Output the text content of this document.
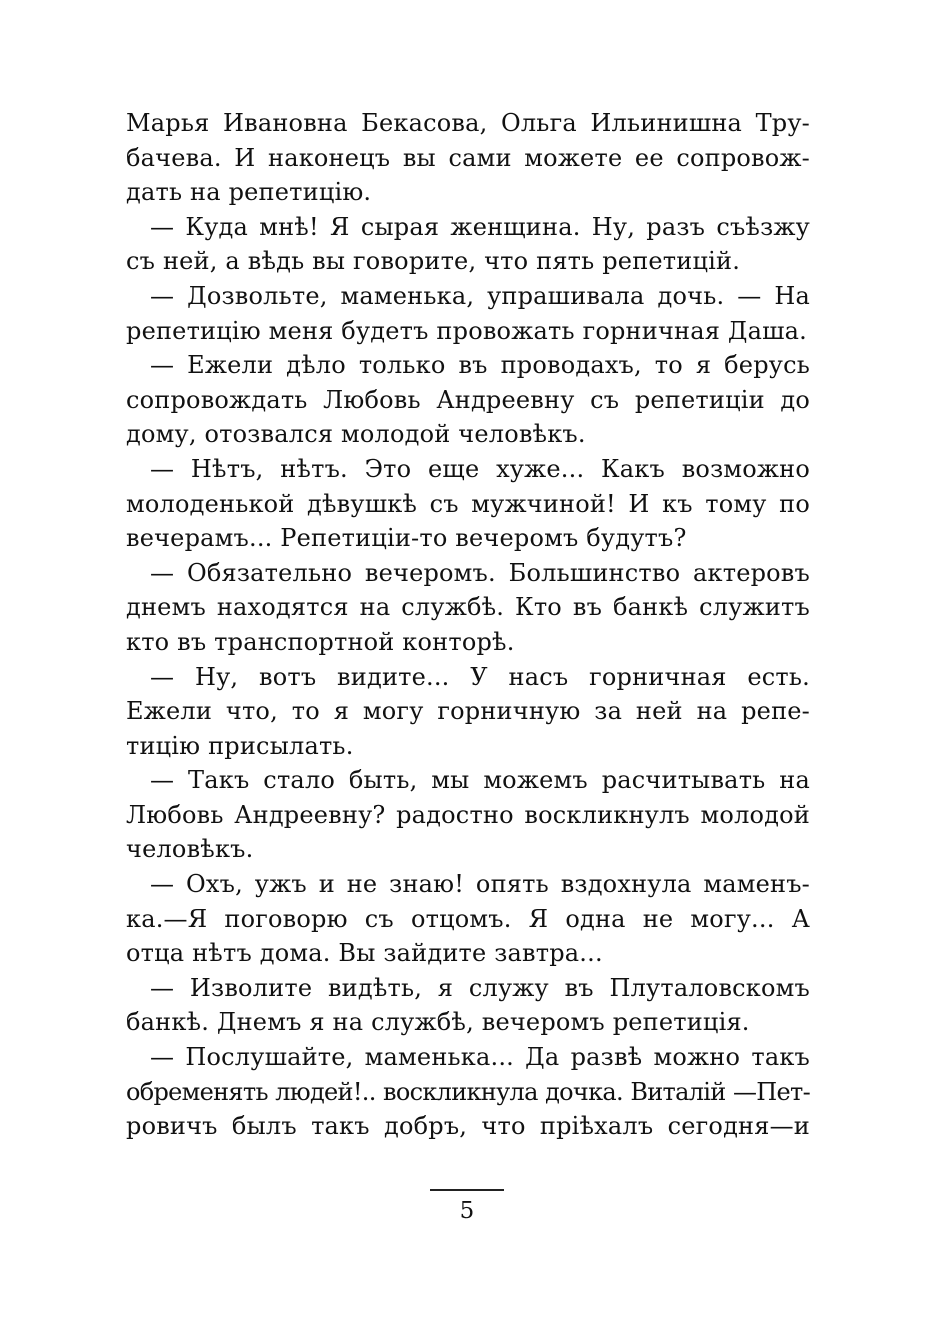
Марья Ивановна Бекасова, Ольга Ильинишна Тру-
бачева. И наконецъ вы сами можете ее сопровож-
дать на репетицію.
— Куда мнѣ! Я сырая женщина. Ну, разъ съѣзжу
съ ней, а вѣдь вы говорите, что пять репетицій.
— Дозвольте, маменька, упрашивала дочь. — На
репетицію меня будетъ провожать горничная Даша.
— Ежели дѣло только въ проводахъ, то я берусь
сопровождать Любовь Андреевну съ репетиціи до
дому, отозвался молодой человѣкъ.
— Нѣтъ, нѣтъ. Это еще хуже... Какъ возможно
молоденькой дѣвушкѣ съ мужчиной! И къ тому по
вечерамъ... Репетиціи-то вечеромъ будутъ?
— Обязательно вечеромъ. Большинство актеровъ
днемъ находятся на службѣ. Кто въ банкѣ служитъ
кто въ транспортной конторѣ.
— Ну, вотъ видите... У насъ горничная есть.
Ежели что, то я могу горничную за ней на репе-
тицію присылать.
— Такъ стало быть, мы можемъ расчитывать на
Любовь Андреевну? радостно воскликнулъ молодой
человѣкъ.
— Охъ, ужъ и не знаю! опять вздохнула маменъ-
ка.—Я поговорю съ отцомъ. Я одна не могу... А
отца нѣтъ дома. Вы зайдите завтра...
— Изволите видѣть, я служу въ Плуталовскомъ
банкѣ. Днемъ я на службѣ, вечеромъ репетиція.
— Послушайте, маменька... Да развѣ можно такъ
обременять людей!.. воскликнула дочка. Виталій —Пет-
ровичъ былъ такъ добръ, что пріѣхалъ сегодня—и
5
